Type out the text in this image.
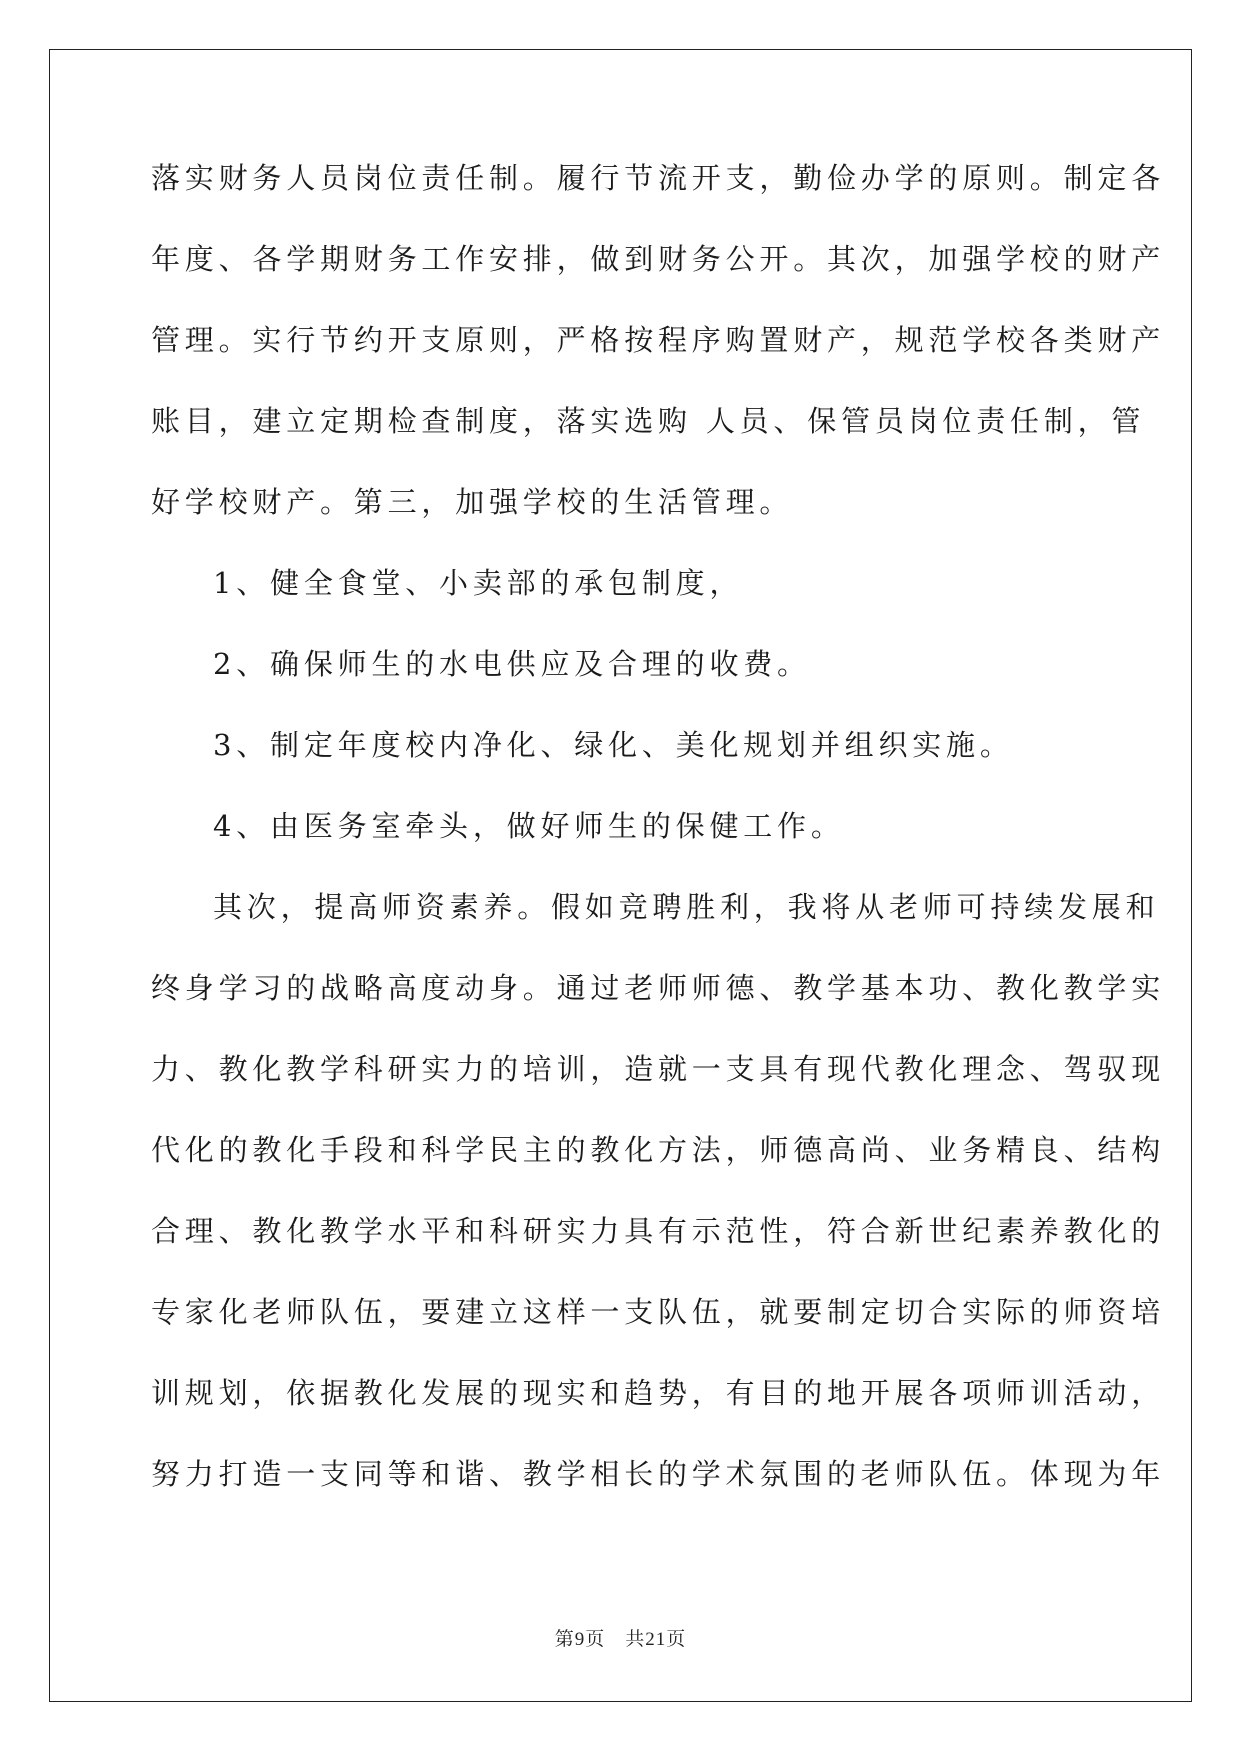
落实财务人员岗位责任制。履行节流开支，勤俭办学的原则。制定各
年度、各学期财务工作安排，做到财务公开。其次，加强学校的财产
管理。实行节约开支原则，严格按程序购置财产，规范学校各类财产
账目，建立定期检查制度，落实选购 人员、保管员岗位责任制，管
好学校财产。第三，加强学校的生活管理。
1、健全食堂、小卖部的承包制度，
2、确保师生的水电供应及合理的收费。
3、制定年度校内净化、绿化、美化规划并组织实施。
4、由医务室牵头，做好师生的保健工作。
其次，提高师资素养。假如竞聘胜利，我将从老师可持续发展和
终身学习的战略高度动身。通过老师师德、教学基本功、教化教学实
力、教化教学科研实力的培训，造就一支具有现代教化理念、驾驭现
代化的教化手段和科学民主的教化方法，师德高尚、业务精良、结构
合理、教化教学水平和科研实力具有示范性，符合新世纪素养教化的
专家化老师队伍，要建立这样一支队伍，就要制定切合实际的师资培
训规划，依据教化发展的现实和趋势，有目的地开展各项师训活动，
努力打造一支同等和谐、教学相长的学术氛围的老师队伍。体现为年
第9页 共21页
